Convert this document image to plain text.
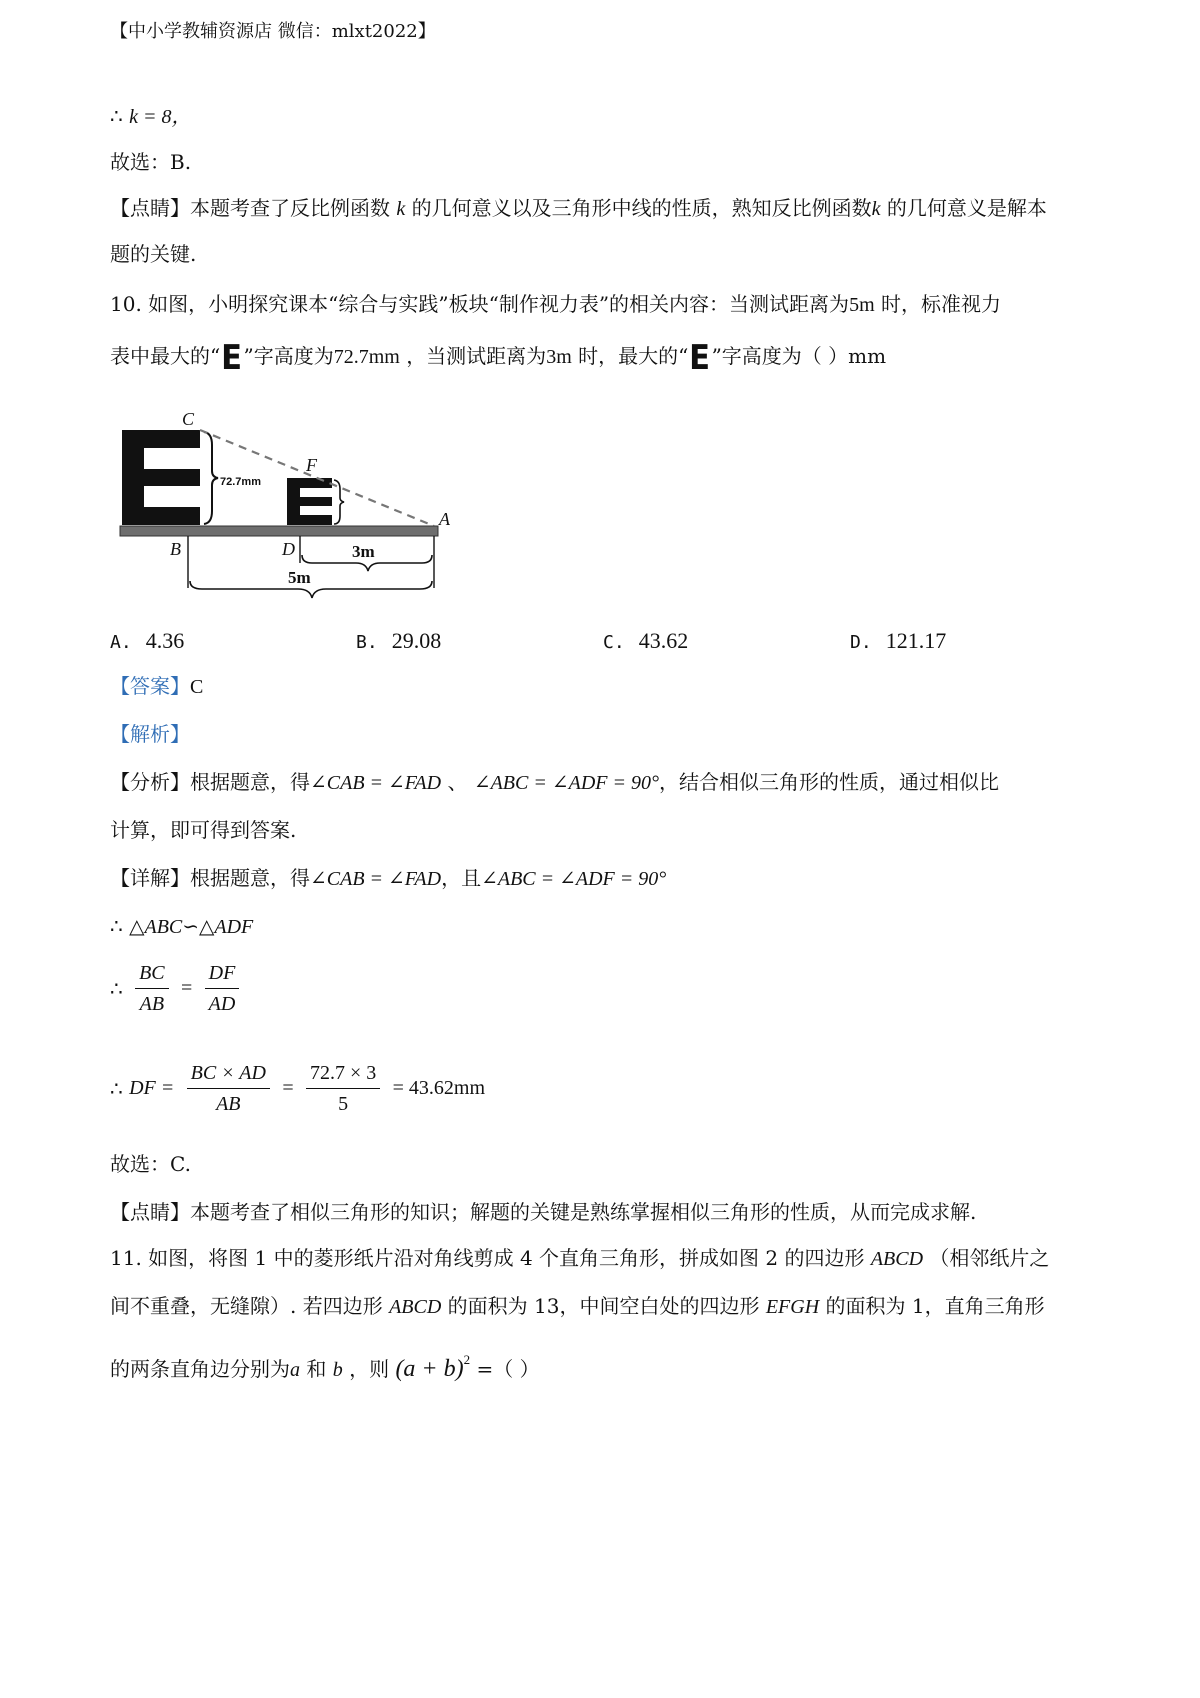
【中小学教辅资源店 微信：mlxt2022】
∴ k = 8，
故选：B.
【点睛】本题考查了反比例函数 k 的几何意义以及三角形中线的性质，熟知反比例函数k 的几何意义是解本
题的关键.
10. 如图，小明探究课本“综合与实践”板块“制作视力表”的相关内容：当测试距离为5m 时，标准视力
表中最大的“E”字高度为72.7mm ，当测试距离为3m 时，最大的“E”字高度为（ ）mm
C
F
A
B	D
72.7mm
3m
5m
A. 4.36	B. 29.08	C. 43.62	D. 121.17
【答案】C
【解析】
【分析】根据题意，得∠CAB = ∠FAD 、 ∠ABC = ∠ADF = 90°，结合相似三角形的性质，通过相似比
计算，即可得到答案.
【详解】根据题意，得∠CAB = ∠FAD，且∠ABC = ∠ADF = 90°
∴ △ABC∽△ADF
∴ $\frac{BC}{AB} = \frac{DF}{AD}$
∴ DF = $\frac{BC \times AD}{AB} = \frac{72.7 \times 3}{5} = 43.62mm$
故选：C.
【点睛】本题考查了相似三角形的知识；解题的关键是熟练掌握相似三角形的性质，从而完成求解.
11. 如图，将图 1 中的菱形纸片沿对角线剪成 4 个直角三角形，拼成如图 2 的四边形 ABCD （相邻纸片之
间不重叠，无缝隙）. 若四边形 ABCD 的面积为 13，中间空白处的四边形 EFGH 的面积为 1，直角三角形
的两条直角边分别为a 和 b ，则 $(a + b)^2$ =（ ）
